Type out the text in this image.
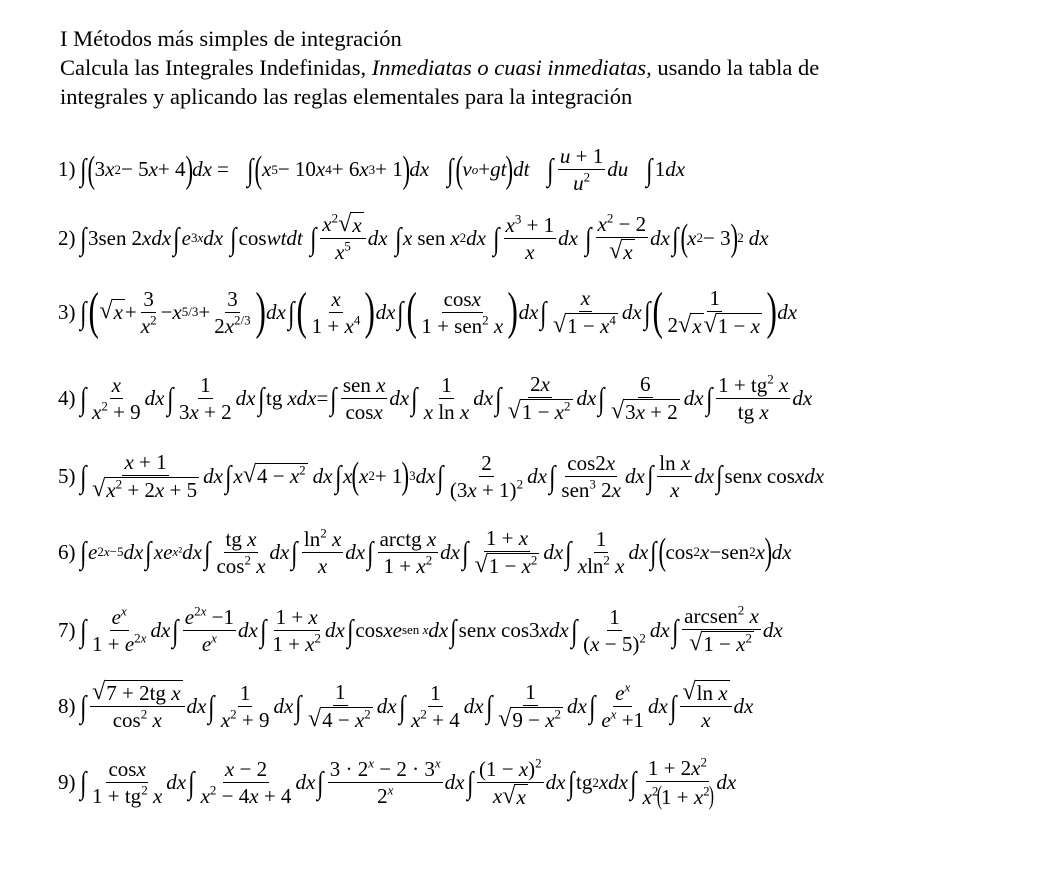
I Métodos más simples de integración
Calcula las Integrales Indefinidas, Inmediatas o cuasi inmediatas, usando la tabla de
integrales y aplicando las reglas elementales para la integración
1) ∫ ( 3 x 2 − 5 x + 4 ) dx = ∫ ( x 5 − 10 x 4 + 6 x 3 + 1 ) dx ∫ ( v o + gt ) dt ∫ $\frac{u + 1}{u^2}$ du ∫ 1 dx
2) ∫ 3 sen 2 xdx ∫ e 3x dx ∫ cos wtdt ∫ $\frac{x^2 √ x}{x^5}$ dx ∫ x sen x 2 dx ∫ $\frac{x^3 + 1}{x}$ dx ∫ $\frac{x^2 - 2}{√ x}$ dx ∫ ( x 2 − 3 ) 2 dx
3) ∫ ( √ $x + \frac{3}{x^2} - x$ $5/3 + \frac{3}{2x^{2/3}}$ ) dx ∫ ( $\frac{x}{1 + x^4}$ ) dx ∫ ( $\frac{\cos x}{1 + sen^2 x}$ ) dx ∫ $\frac{x}{√ 1 - x^4}$ dx ∫ ( $\frac{1}{2 √ x √ 1 - x}$ ) dx
4) ∫ $\frac{x}{x^2 + 9}$ dx ∫ $\frac{1}{3x + 2}$ dx ∫ tg xdx = ∫ $\frac{\text{sen x}}{\cos x}$ dx ∫ $\frac{1}{\text{x ln x}}$ dx ∫ $\frac{2x}{√ 1 - x^2}$ dx ∫ $\frac{6}{√ 3x + 2}$ dx ∫ $\frac{1 + tg^2 x}{\text{tg x}}$ dx
5) ∫ $\frac{x + 1}{√ x^2 + 2x + 5}$ dx ∫ x √ $4 - x^2$ dx ∫ x ( x 2 + 1 ) 3 dx ∫ $\frac{2}{(3x + 1)^2}$ dx ∫ $\frac{\cos 2x}{sen^3 2x}$ dx ∫ $\frac{\text{ln x}}{x}$ dx ∫ sen x cos xdx
6) ∫ e 2x−5 dx ∫ xe x² dx ∫ $\frac{\text{tg x}}{\cos^2 x}$ dx ∫ $\frac{\ln^2 x}{x}$ dx ∫ $\frac{\text{arctg x}}{1 + x^2}$ dx ∫ $\frac{1 + x}{√ 1 - x^2}$ dx ∫ $\frac{1}{xln^2 x}$ dx ∫ ( cos 2 x − sen 2 x ) dx
7) ∫ $\frac{e^x}{1 + e^{2x}}$ dx ∫ $\frac{e^{2x} -1}{e^x}$ dx ∫ $\frac{1 + x}{1 + x^2}$ dx ∫ cos xe sen x dx ∫ sen x cos 3 xdx ∫ $\frac{1}{(x - 5)^2}$ dx ∫ $\frac{arcsen^2 x}{√ 1 - x^2}$ dx
8) ∫ $\frac{\text{√ 7 + 2tg x}}{\cos^2 x}$ dx ∫ $\frac{1}{x^2 + 9}$ dx ∫ $\frac{1}{√ 4 - x^2}$ dx ∫ $\frac{1}{x^2 + 4}$ dx ∫ $\frac{1}{√ 9 - x^2}$ dx ∫ $\frac{e^x}{e^x +1}$ dx ∫ $\frac{\text{√ ln x}}{x}$ dx
9) ∫ $\frac{\cos x}{1 + tg^2 x}$ dx ∫ $\frac{x - 2}{x^2 - 4x + 4}$ dx ∫ $\frac{3 \cdot 2^x - 2 \cdot 3^x}{2^x}$ dx ∫ $\frac{(1 - x)^2}{x √ x}$ dx ∫ tg 2 xdx ∫ $\frac{1 + 2x^2}{x^2(1 + x^2)}$ dx
